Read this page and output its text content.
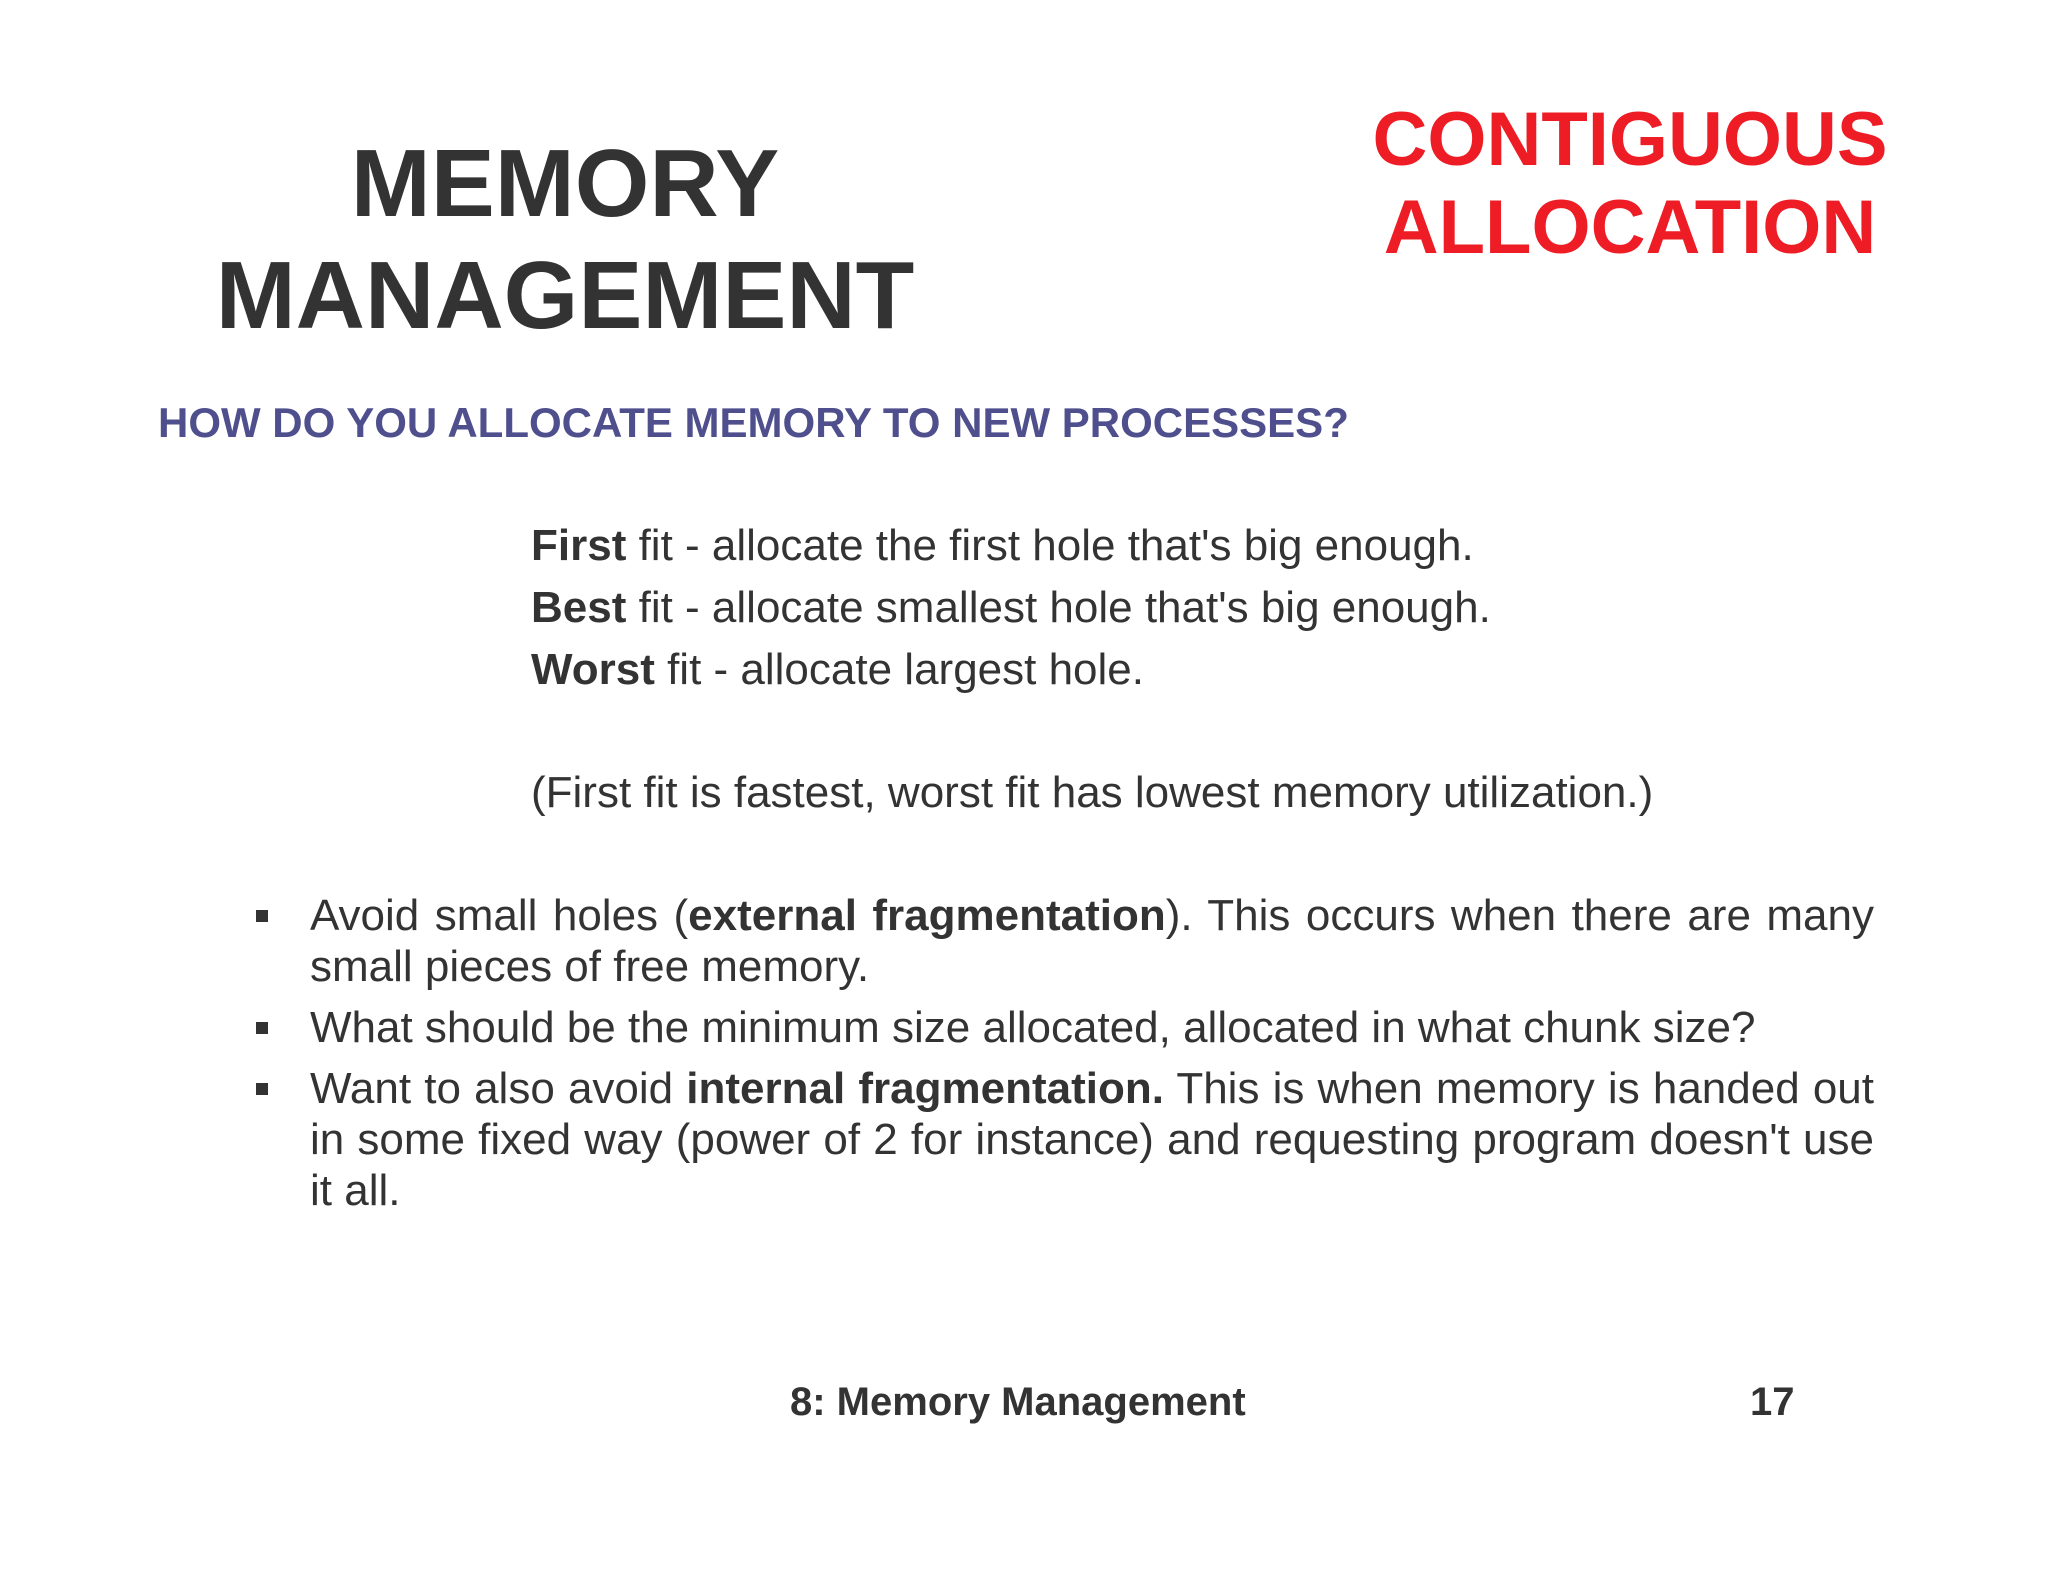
MEMORY
MANAGEMENT
CONTIGUOUS
ALLOCATION
HOW DO YOU ALLOCATE MEMORY TO NEW PROCESSES?
First fit - allocate the first hole that's big enough.
Best fit - allocate smallest hole that's big enough.
Worst fit - allocate largest hole.
(First fit is fastest, worst fit has lowest memory utilization.)
Avoid small holes (external fragmentation). This occurs when there are many small pieces of free memory.
What should be the minimum size allocated, allocated in what chunk size?
Want to also avoid internal fragmentation. This is when memory is handed out in some fixed way (power of 2 for instance) and requesting program doesn't use it all.
8: Memory Management	17
